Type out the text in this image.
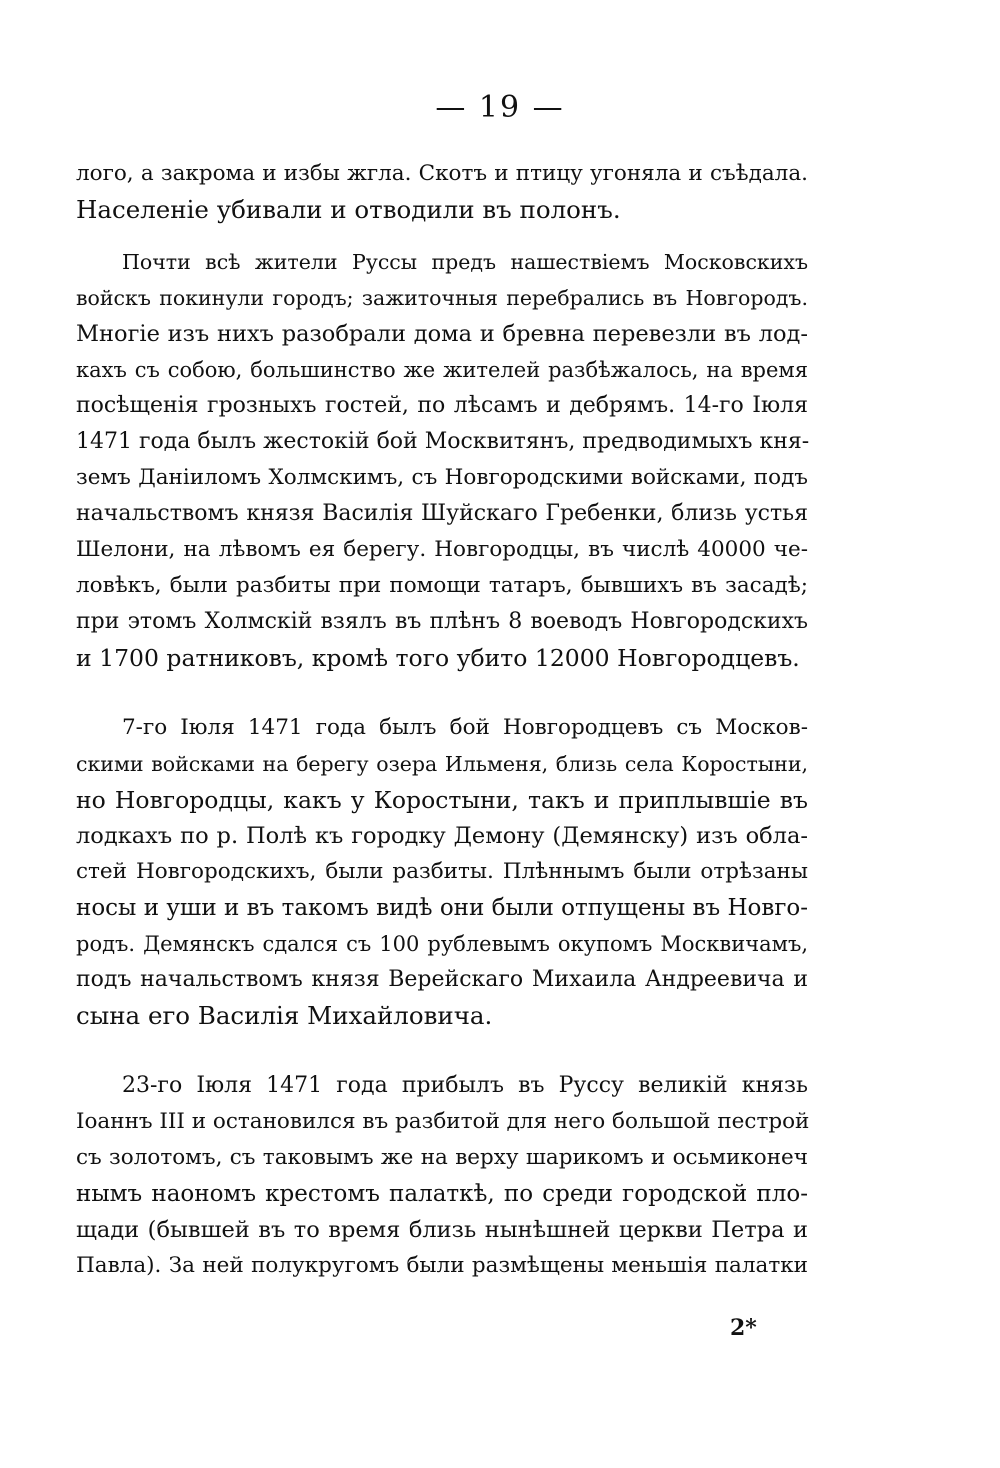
— 19 —
лого, а закрома и избы жгла. Скотъ и птицу угоняла и съѣдала.
Населеніе убивали и отводили въ полонъ.
Почти всѣ жители Руссы предъ нашествіемъ Московскихъ
войскъ покинули городъ; зажиточныя перебрались въ Новгородъ.
Многіе изъ нихъ разобрали дома и бревна перевезли въ лод-
кахъ съ собою, большинство же жителей разбѣжалось, на время
посѣщенія грозныхъ гостей, по лѣсамъ и дебрямъ. 14-го Іюля
1471 года былъ жестокій бой Москвитянъ, предводимыхъ кня-
земъ Даніиломъ Холмскимъ, съ Новгородскими войсками, подъ
начальствомъ князя Василія Шуйскаго Гребенки, близь устья
Шелони, на лѣвомъ ея берегу. Новгородцы, въ числѣ 40000 че-
ловѣкъ, были разбиты при помощи татаръ, бывшихъ въ засадѣ;
при этомъ Холмскій взялъ въ плѣнъ 8 воеводъ Новгородскихъ
и 1700 ратниковъ, кромѣ того убито 12000 Новгородцевъ.
7-го Іюля 1471 года былъ бой Новгородцевъ съ Москов-
скими войсками на берегу озера Ильменя, близь села Коростыни,
но Новгородцы, какъ у Коростыни, такъ и приплывшіе въ
лодкахъ по р. Полѣ къ городку Демону (Демянску) изъ обла-
стей Новгородскихъ, были разбиты. Плѣннымъ были отрѣзаны
носы и уши и въ такомъ видѣ они были отпущены въ Новго-
родъ. Демянскъ сдался съ 100 рублевымъ окупомъ Москвичамъ,
подъ начальствомъ князя Верейскаго Михаила Андреевича и
сына его Василія Михайловича.
23-го Іюля 1471 года прибылъ въ Руссу великій князь
Іоаннъ III и остановился въ разбитой для него большой пестрой
съ золотомъ, съ таковымъ же на верху шарикомъ и осьмиконеч
нымъ наономъ крестомъ палаткѣ, по среди городской пло-
щади (бывшей въ то время близь нынѣшней церкви Петра и
Павла). За ней полукругомъ были размѣщены меньшія палатки
2*
